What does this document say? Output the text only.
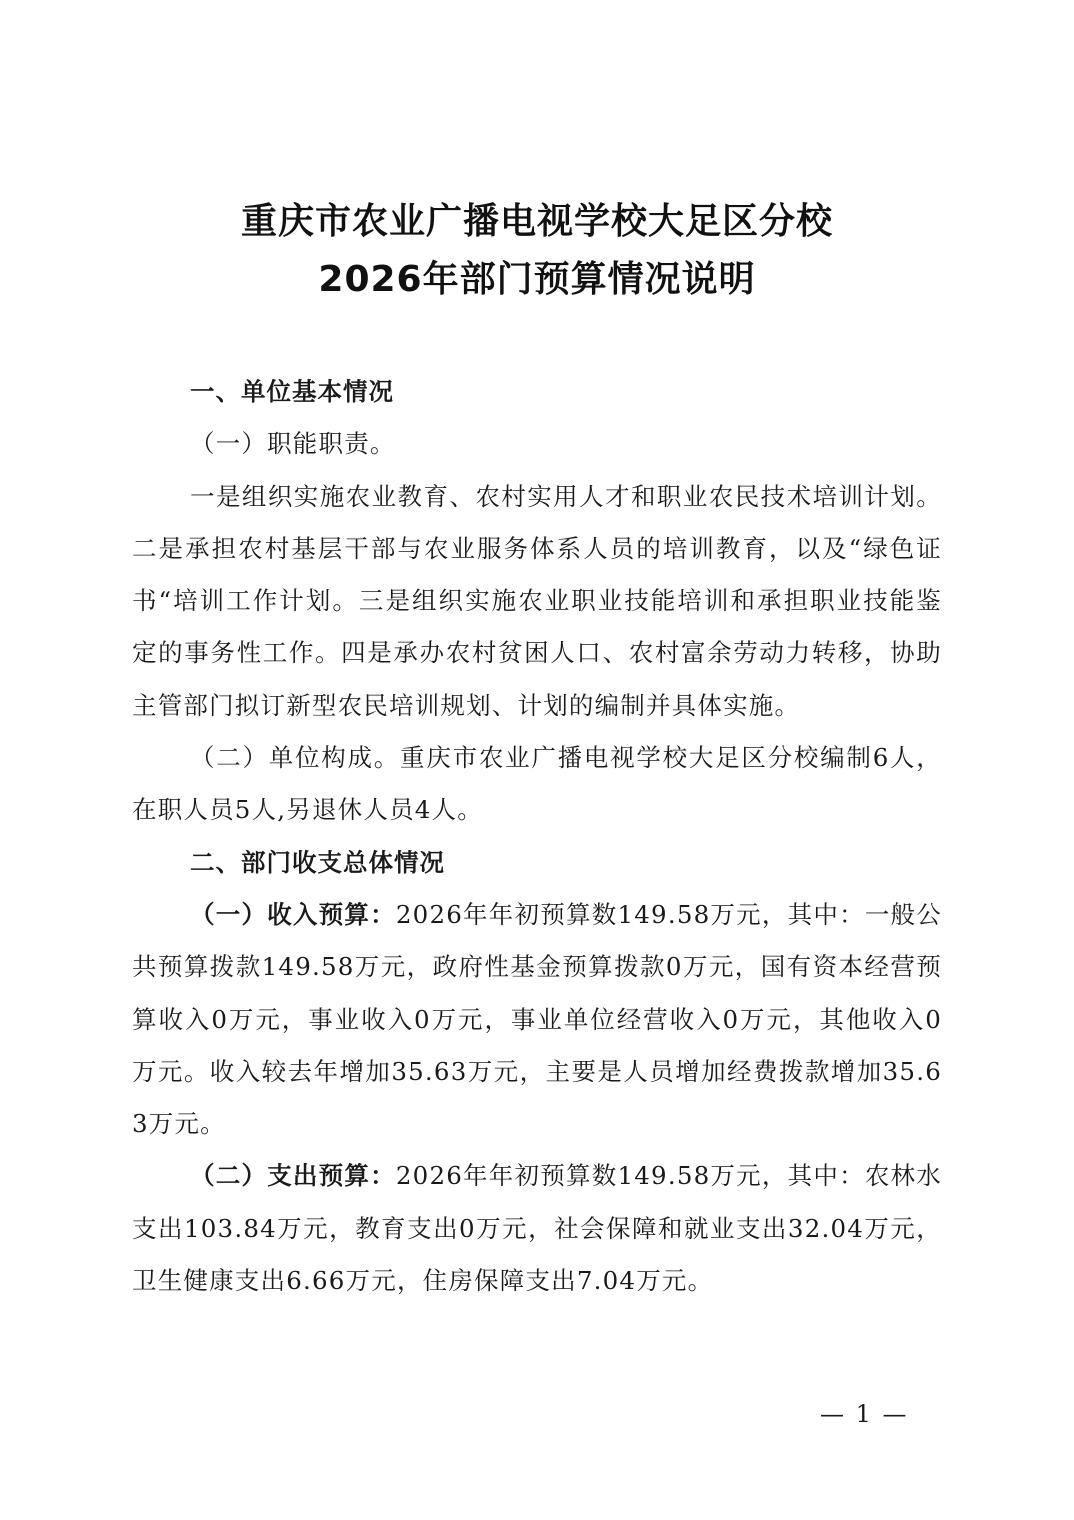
重庆市农业广播电视学校大足区分校
2026年部门预算情况说明

一、单位基本情况

（一）职能职责。

一是组织实施农业教育、农村实用人才和职业农民技术培训计划。二是承担农村基层干部与农业服务体系人员的培训教育，以及“绿色证书“培训工作计划。三是组织实施农业职业技能培训和承担职业技能鉴定的事务性工作。四是承办农村贫困人口、农村富余劳动力转移，协助主管部门拟订新型农民培训规划、计划的编制并具体实施。

（二）单位构成。重庆市农业广播电视学校大足区分校编制6人，在职人员5人,另退休人员4人。

二、部门收支总体情况

（一）收入预算：2026年年初预算数149.58万元，其中：一般公共预算拨款149.58万元，政府性基金预算拨款0万元，国有资本经营预算收入0万元，事业收入0万元，事业单位经营收入0万元，其他收入0万元。收入较去年增加35.63万元，主要是人员增加经费拨款增加35.63万元。

（二）支出预算：2026年年初预算数149.58万元，其中：农林水支出103.84万元，教育支出0万元，社会保障和就业支出32.04万元，卫生健康支出6.66万元，住房保障支出7.04万元。

— 1 —
